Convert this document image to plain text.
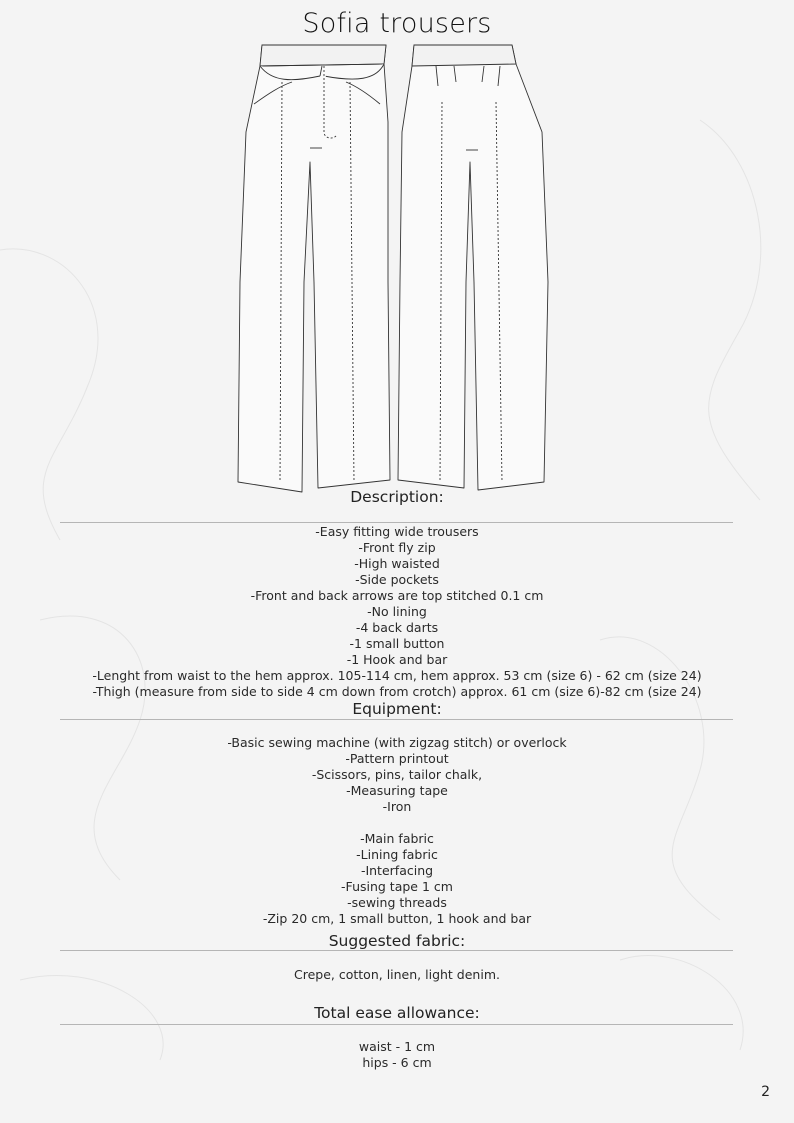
Sofia trousers
Description:
-Easy fitting wide trousers
-Front fly zip
-High waisted
-Side pockets
-Front and back arrows are top stitched 0.1 cm
-No lining
-4 back darts
-1 small button
-1 Hook and bar
-Lenght from waist to the hem approx. 105-114 cm, hem approx. 53 cm (size 6) - 62 cm (size 24)
-Thigh (measure from side to side 4 cm down from crotch) approx. 61 cm (size 6)-82 cm (size 24)
Equipment:
-Basic sewing machine (with zigzag stitch) or overlock
-Pattern printout
-Scissors, pins, tailor chalk,
-Measuring tape
-Iron
-Main fabric
-Lining fabric
-Interfacing
-Fusing tape 1 cm
-sewing threads
-Zip 20 cm, 1 small button, 1 hook and bar
Suggested fabric:
Crepe, cotton, linen, light denim.
Total ease allowance:
waist - 1 cm
hips - 6 cm
2
